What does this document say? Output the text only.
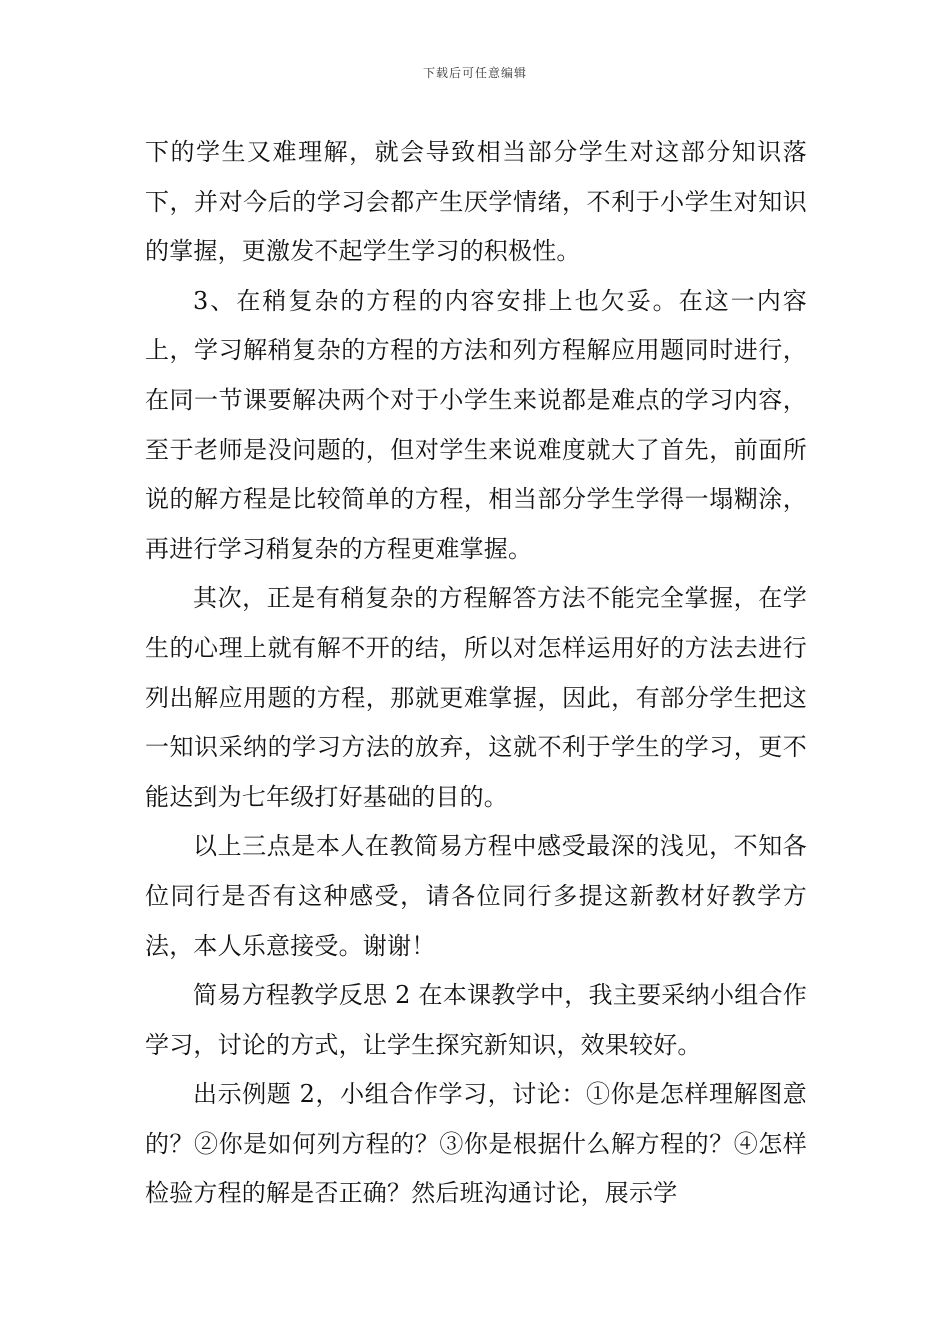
下载后可任意编辑

下的学生又难理解，就会导致相当部分学生对这部分知识落下，并对今后的学习会都产生厌学情绪，不利于小学生对知识的掌握，更激发不起学生学习的积极性。

3、在稍复杂的方程的内容安排上也欠妥。在这一内容上，学习解稍复杂的方程的方法和列方程解应用题同时进行，在同一节课要解决两个对于小学生来说都是难点的学习内容，至于老师是没问题的，但对学生来说难度就大了首先，前面所说的解方程是比较简单的方程，相当部分学生学得一塌糊涂，再进行学习稍复杂的方程更难掌握。

其次，正是有稍复杂的方程解答方法不能完全掌握，在学生的心理上就有解不开的结，所以对怎样运用好的方法去进行列出解应用题的方程，那就更难掌握，因此，有部分学生把这一知识采纳的学习方法的放弃，这就不利于学生的学习，更不能达到为七年级打好基础的目的。

以上三点是本人在教简易方程中感受最深的浅见，不知各位同行是否有这种感受，请各位同行多提这新教材好教学方法，本人乐意接受。谢谢！

简易方程教学反思 2 在本课教学中，我主要采纳小组合作学习，讨论的方式，让学生探究新知识，效果较好。

出示例题 2，小组合作学习，讨论：①你是怎样理解图意的？②你是如何列方程的？③你是根据什么解方程的？④怎样检验方程的解是否正确？然后班沟通讨论，展示学
